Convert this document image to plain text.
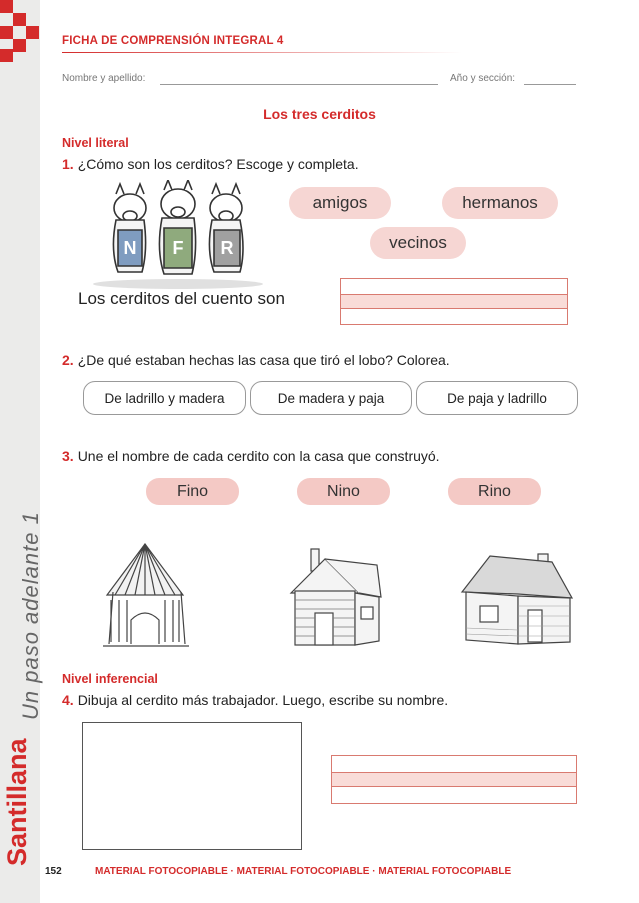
Santillana
Un paso adelante 1
FICHA DE COMPRENSIÓN INTEGRAL 4
Nombre y apellido:	Año y sección:
Los tres cerditos
Nivel literal
1. ¿Cómo son los cerditos? Escoge y completa.
N F R
amigos	hermanos
vecinos
Los cerditos del cuento son
2. ¿De qué estaban hechas las casa que tiró el lobo? Colorea.
De ladrillo y madera	De madera y paja	De paja y ladrillo
3. Une el nombre de cada cerdito con la casa que construyó.
Fino	Nino	Rino
Nivel inferencial
4. Dibuja al cerdito más trabajador. Luego, escribe su nombre.
152	MATERIAL FOTOCOPIABLE · MATERIAL FOTOCOPIABLE · MATERIAL FOTOCOPIABLE
